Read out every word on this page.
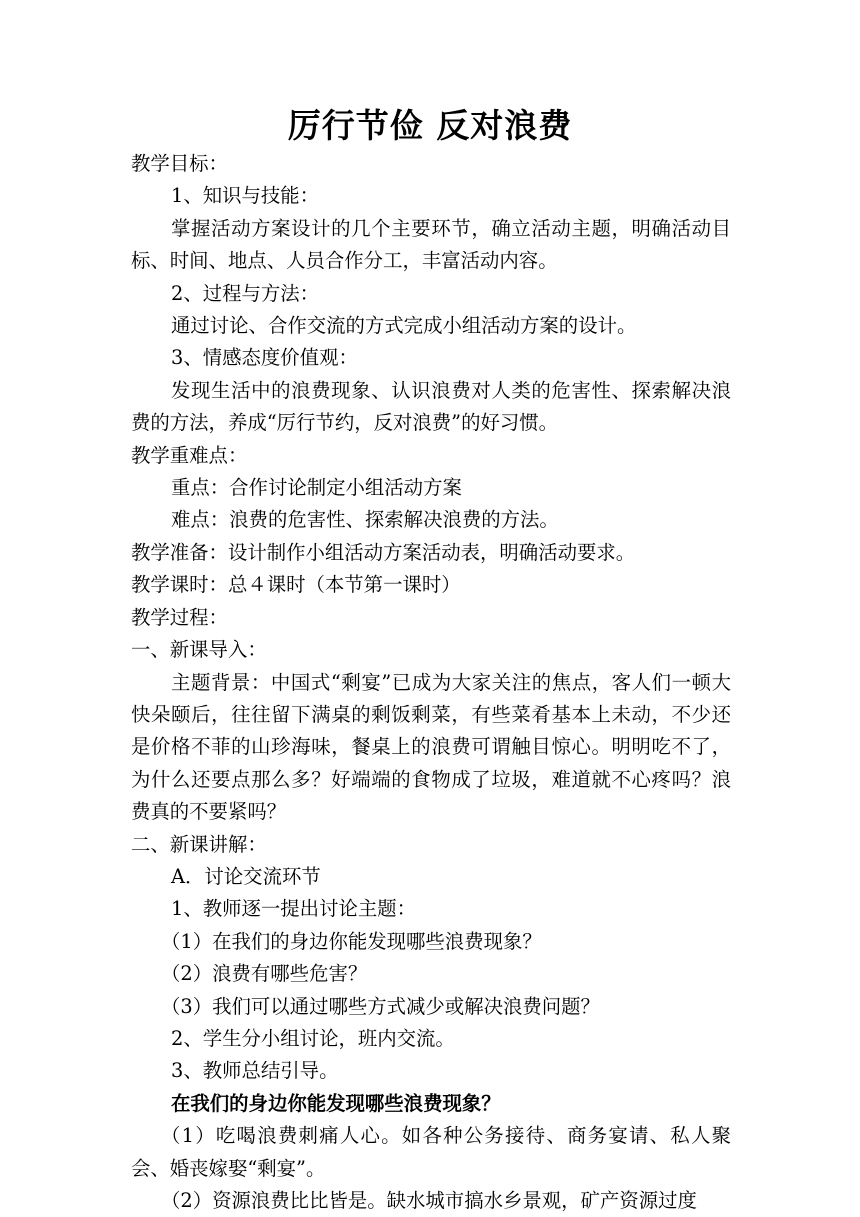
厉行节俭 反对浪费

教学目标：

1、知识与技能：

掌握活动方案设计的几个主要环节，确立活动主题，明确活动目标、时间、地点、人员合作分工，丰富活动内容。

2、过程与方法：

通过讨论、合作交流的方式完成小组活动方案的设计。

3、情感态度价值观：

发现生活中的浪费现象、认识浪费对人类的危害性、探索解决浪费的方法，养成“厉行节约，反对浪费”的好习惯。

教学重难点：

重点：合作讨论制定小组活动方案

难点：浪费的危害性、探索解决浪费的方法。

教学准备：设计制作小组活动方案活动表，明确活动要求。

教学课时：总４课时（本节第一课时）

教学过程：

一、新课导入：

主题背景：中国式“剩宴”已成为大家关注的焦点，客人们一顿大快朵颐后，往往留下满桌的剩饭剩菜，有些菜肴基本上未动，不少还是价格不菲的山珍海味，餐桌上的浪费可谓触目惊心。明明吃不了，为什么还要点那么多？好端端的食物成了垃圾，难道就不心疼吗？浪费真的不要紧吗？

二、新课讲解：

A．讨论交流环节

1、教师逐一提出讨论主题：

（1）在我们的身边你能发现哪些浪费现象？

（2）浪费有哪些危害？

（3）我们可以通过哪些方式减少或解决浪费问题？

2、学生分小组讨论，班内交流。

3、教师总结引导。

在我们的身边你能发现哪些浪费现象？

（1）吃喝浪费刺痛人心。如各种公务接待、商务宴请、私人聚会、婚丧嫁娶“剩宴”。

（2）资源浪费比比皆是。缺水城市搞水乡景观，矿产资源过度
